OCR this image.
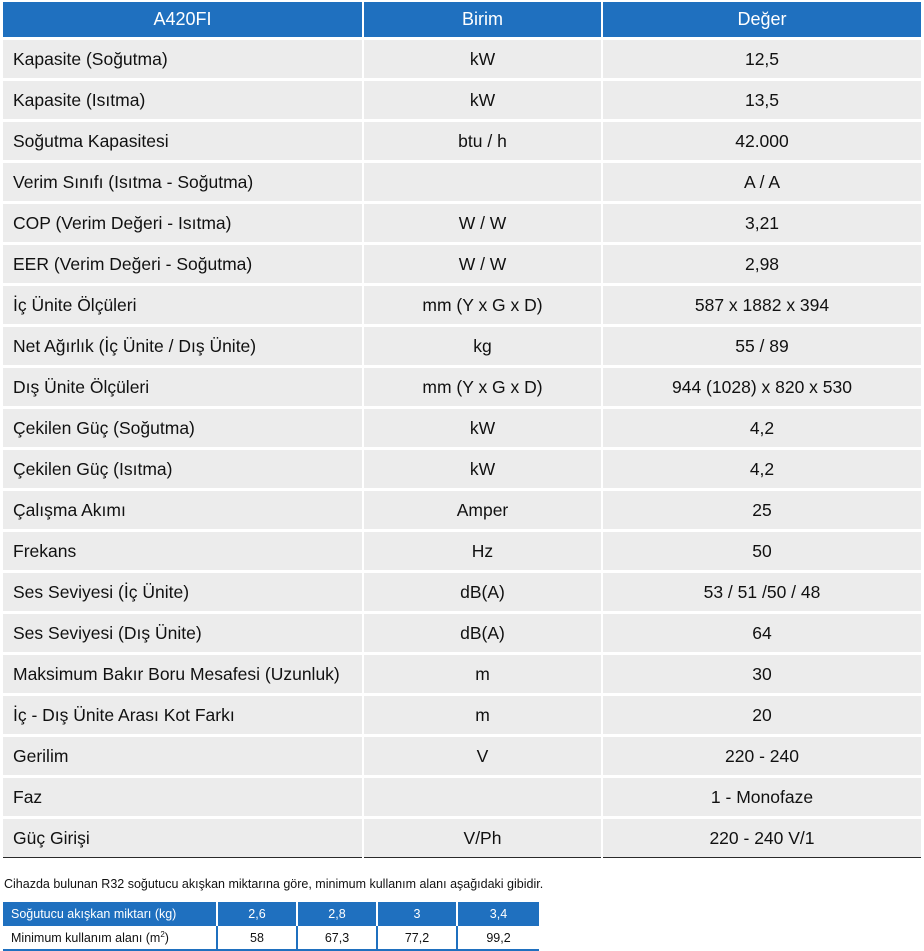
A420FI	Birim	Değer
Kapasite (Soğutma)	kW	12,5
Kapasite (Isıtma)	kW	13,5
Soğutma Kapasitesi	btu / h	42.000
Verim Sınıfı (Isıtma - Soğutma)		A / A
COP (Verim Değeri - Isıtma)	W / W	3,21
EER (Verim Değeri - Soğutma)	W / W	2,98
İç Ünite Ölçüleri	mm (Y x G x D)	587 x 1882 x 394
Net Ağırlık (İç Ünite / Dış Ünite)	kg	55 / 89
Dış Ünite Ölçüleri	mm (Y x G x D)	944 (1028) x 820 x 530
Çekilen Güç (Soğutma)	kW	4,2
Çekilen Güç (Isıtma)	kW	4,2
Çalışma Akımı	Amper	25
Frekans	Hz	50
Ses Seviyesi (İç Ünite)	dB(A)	53 / 51 /50 / 48
Ses Seviyesi (Dış Ünite)	dB(A)	64
Maksimum Bakır Boru Mesafesi (Uzunluk)	m	30
İç - Dış Ünite Arası Kot Farkı	m	20
Gerilim	V	220 - 240
Faz		1 - Monofaze
Güç Girişi	V/Ph	220 - 240 V/1
Cihazda bulunan R32 soğutucu akışkan miktarına göre, minimum kullanım alanı aşağıdaki gibidir.
Soğutucu akışkan miktarı (kg)	2,6	2,8	3	3,4
Minimum kullanım alanı $(m^2)$	58	67,3	77,2	99,2
